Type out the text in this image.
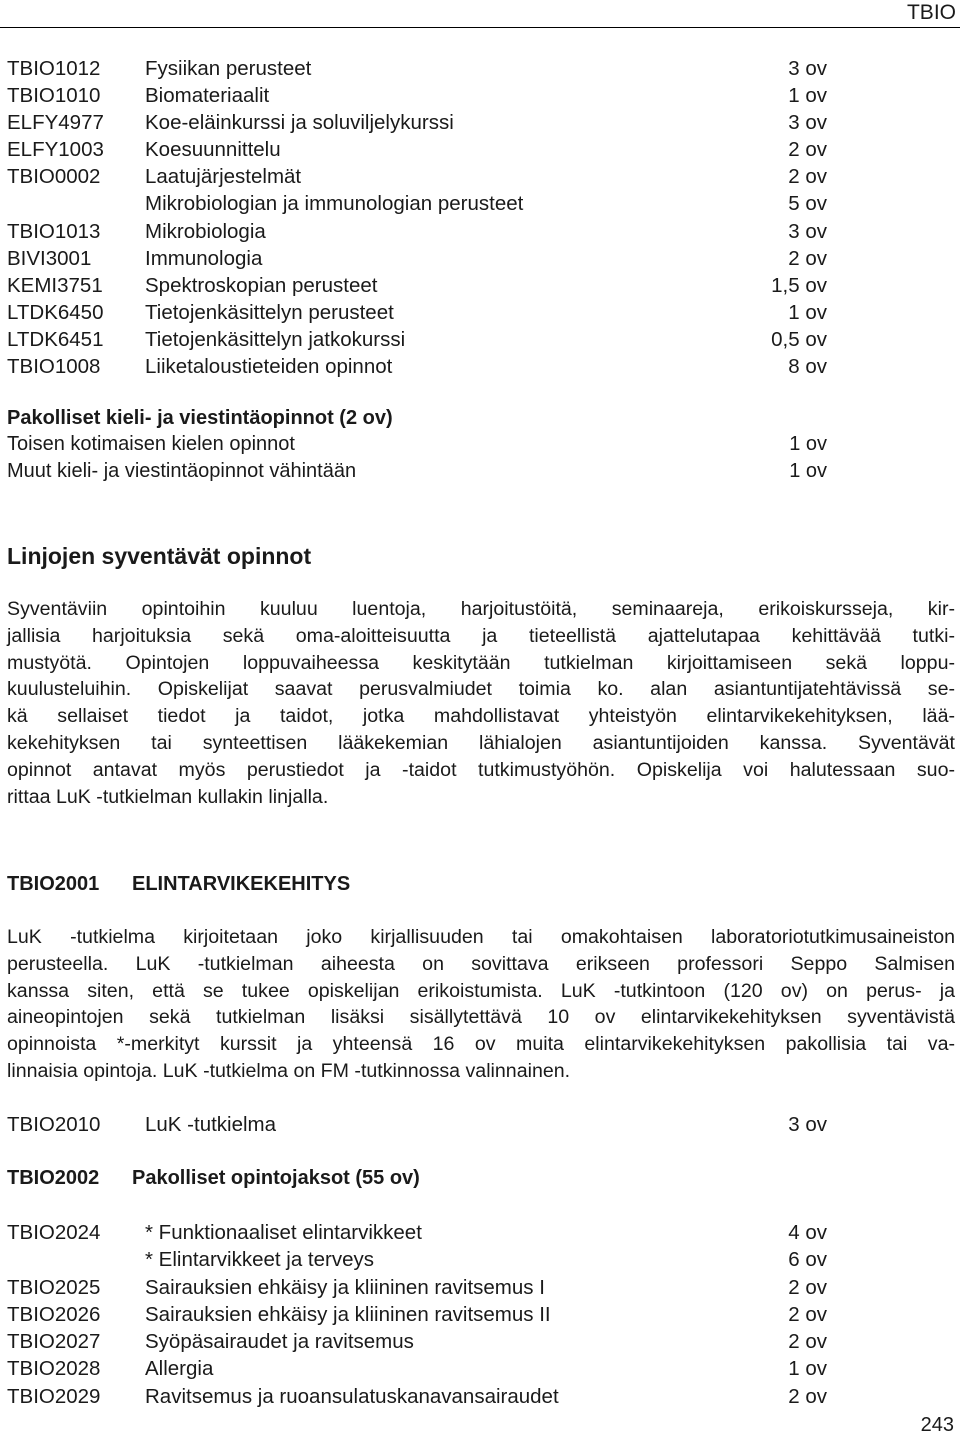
TBIO
TBIO1012 Fysiikan perusteet	3 ov
TBIO1010 Biomateriaalit	1 ov
ELFY4977 Koe-eläinkurssi ja soluviljelykurssi	3 ov
ELFY1003 Koesuunnittelu	2 ov
TBIO0002 Laatujärjestelmät	2 ov
Mikrobiologian ja immunologian perusteet	5 ov
TBIO1013 Mikrobiologia	3 ov
BIVI3001	Immunologia	2 ov
KEMI3751 Spektroskopian perusteet	1,5 ov
LTDK6450 Tietojenkäsittelyn perusteet	1 ov
LTDK6451 Tietojenkäsittelyn jatkokurssi	0,5 ov
TBIO1008 Liiketaloustieteiden opinnot	8 ov
Pakolliset kieli- ja viestintäopinnot (2 ov)
Toisen kotimaisen kielen opinnot	1 ov
Muut kieli- ja viestintäopinnot vähintään	1 ov
Linjojen syventävät opinnot
Syventäviin opintoihin kuuluu luentoja, harjoitustöitä, seminaareja, erikoiskursseja, kir-
jallisia harjoituksia sekä oma-aloitteisuutta ja tieteellistä ajattelutapaa kehittävää tutki-
mustyötä. Opintojen loppuvaiheessa keskitytään tutkielman kirjoittamiseen sekä loppu-
kuulusteluihin. Opiskelijat saavat perusvalmiudet toimia ko. alan asiantuntijatehtävissä se-
kä sellaiset tiedot ja taidot, jotka mahdollistavat yhteistyön elintarvikekehityksen, lää-
kekehityksen tai synteettisen lääkekemian lähialojen asiantuntijoiden kanssa. Syventävät
opinnot antavat myös perustiedot ja -taidot tutkimustyöhön. Opiskelija voi halutessaan suo-
rittaa LuK -tutkielman kullakin linjalla.
TBIO2001 ELINTARVIKEKEHITYS
LuK -tutkielma kirjoitetaan joko kirjallisuuden tai omakohtaisen laboratoriotutkimusaineiston
perusteella. LuK -tutkielman aiheesta on sovittava erikseen professori Seppo Salmisen
kanssa siten, että se tukee opiskelijan erikoistumista. LuK -tutkintoon (120 ov) on perus- ja
aineopintojen sekä tutkielman lisäksi sisällytettävä 10 ov elintarvikekehityksen syventävistä
opinnoista *-merkityt kurssit ja yhteensä 16 ov muita elintarvikekehityksen pakollisia tai va-
linnaisia opintoja. LuK -tutkielma on FM -tutkinnossa valinnainen.
TBIO2010 LuK -tutkielma	3 ov
TBIO2002 Pakolliset opintojaksot (55 ov)
TBIO2024 * Funktionaaliset elintarvikkeet	4 ov
* Elintarvikkeet ja terveys	6 ov
TBIO2025 Sairauksien ehkäisy ja kliininen ravitsemus I	2 ov
TBIO2026 Sairauksien ehkäisy ja kliininen ravitsemus II	2 ov
TBIO2027 Syöpäsairaudet ja ravitsemus	2 ov
TBIO2028 Allergia	1 ov
TBIO2029 Ravitsemus ja ruoansulatuskanavansairaudet	2 ov
243
